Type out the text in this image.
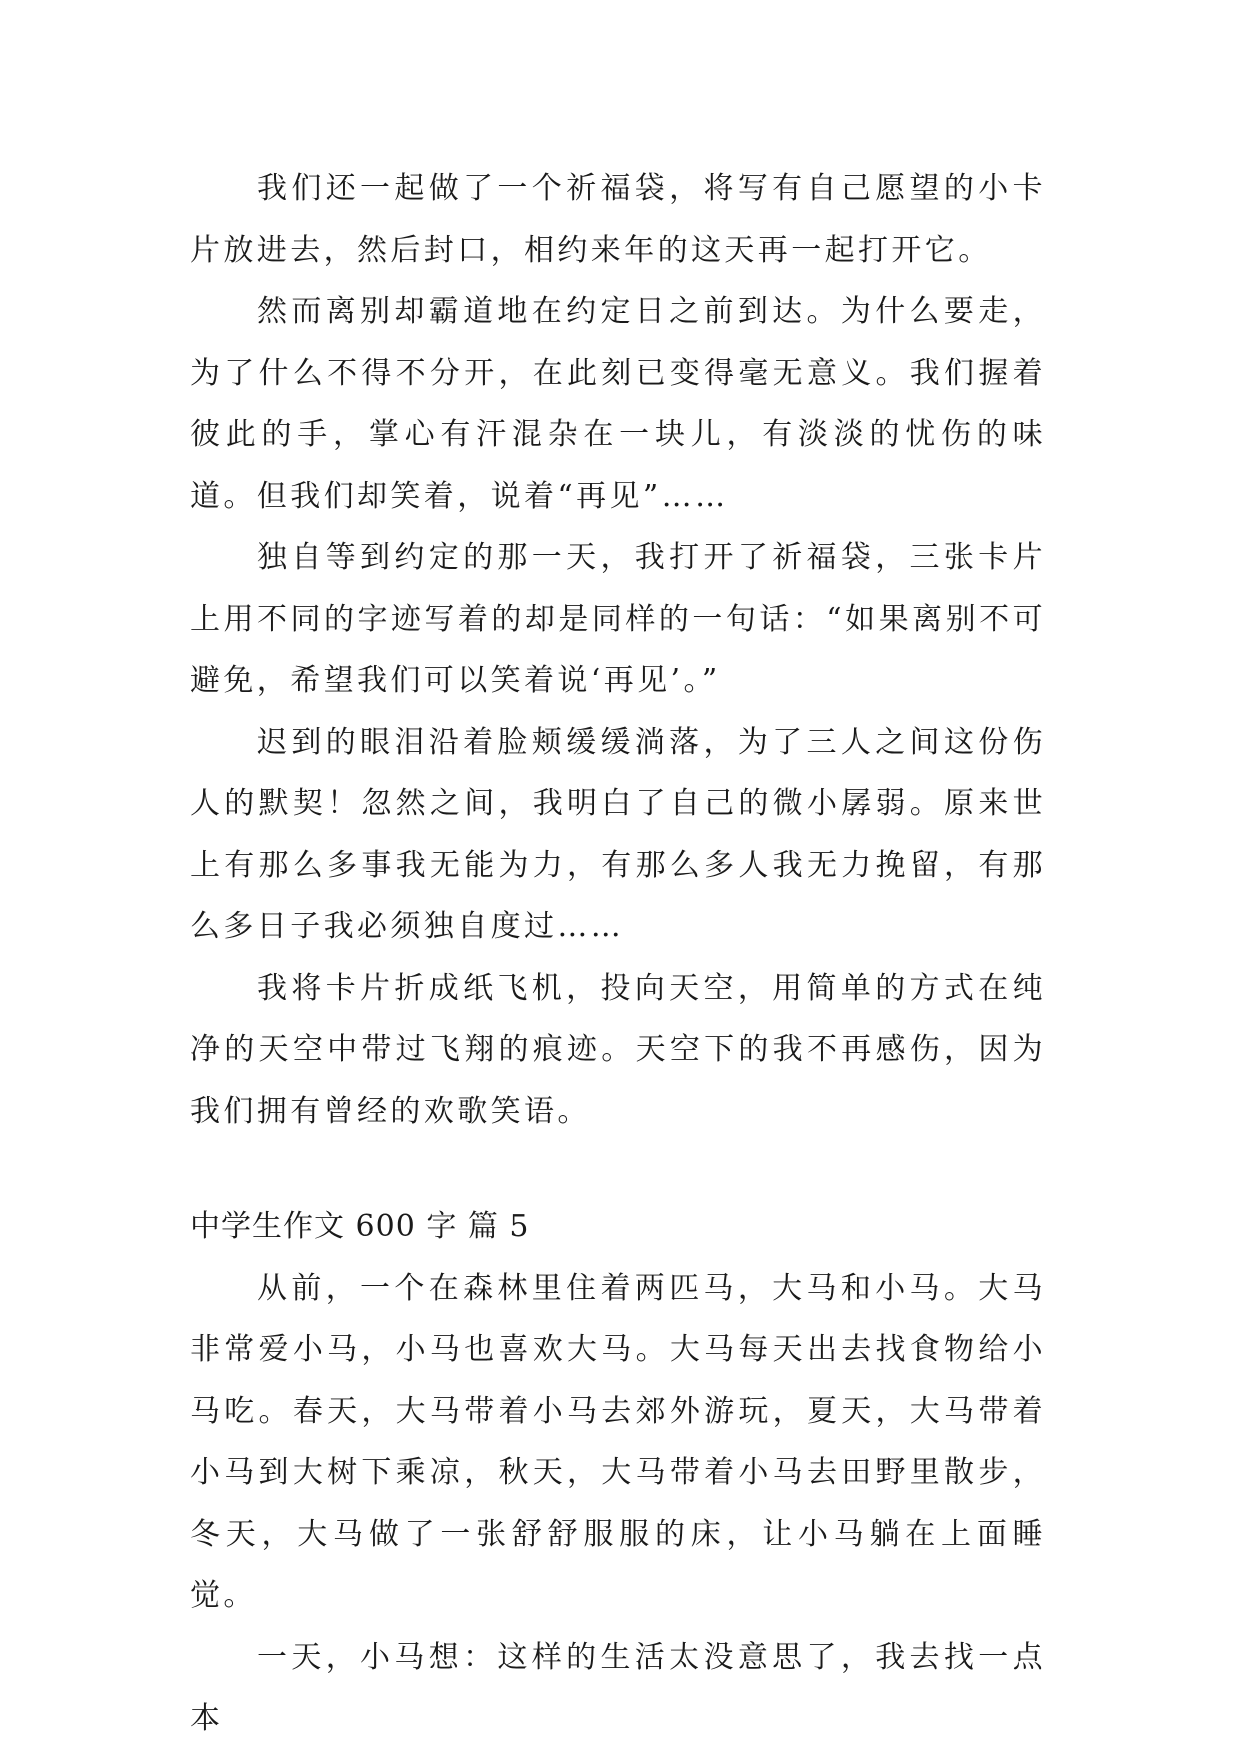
我们还一起做了一个祈福袋，将写有自己愿望的小卡片放进去，然后封口，相约来年的这天再一起打开它。

然而离别却霸道地在约定日之前到达。为什么要走，为了什么不得不分开，在此刻已变得毫无意义。我们握着彼此的手，掌心有汗混杂在一块儿，有淡淡的忧伤的味道。但我们却笑着，说着“再见”……

独自等到约定的那一天，我打开了祈福袋，三张卡片上用不同的字迹写着的却是同样的一句话：“如果离别不可避免，希望我们可以笑着说‘再见’。”

迟到的眼泪沿着脸颊缓缓淌落，为了三人之间这份伤人的默契！忽然之间，我明白了自己的微小孱弱。原来世上有那么多事我无能为力，有那么多人我无力挽留，有那么多日子我必须独自度过……

我将卡片折成纸飞机，投向天空，用简单的方式在纯净的天空中带过飞翔的痕迹。天空下的我不再感伤，因为我们拥有曾经的欢歌笑语。

中学生作文 600 字 篇 5

从前，一个在森林里住着两匹马，大马和小马。大马非常爱小马，小马也喜欢大马。大马每天出去找食物给小马吃。春天，大马带着小马去郊外游玩，夏天，大马带着小马到大树下乘凉，秋天，大马带着小马去田野里散步，冬天，大马做了一张舒舒服服的床，让小马躺在上面睡觉。

一天，小马想：这样的生活太没意思了，我去找一点本
